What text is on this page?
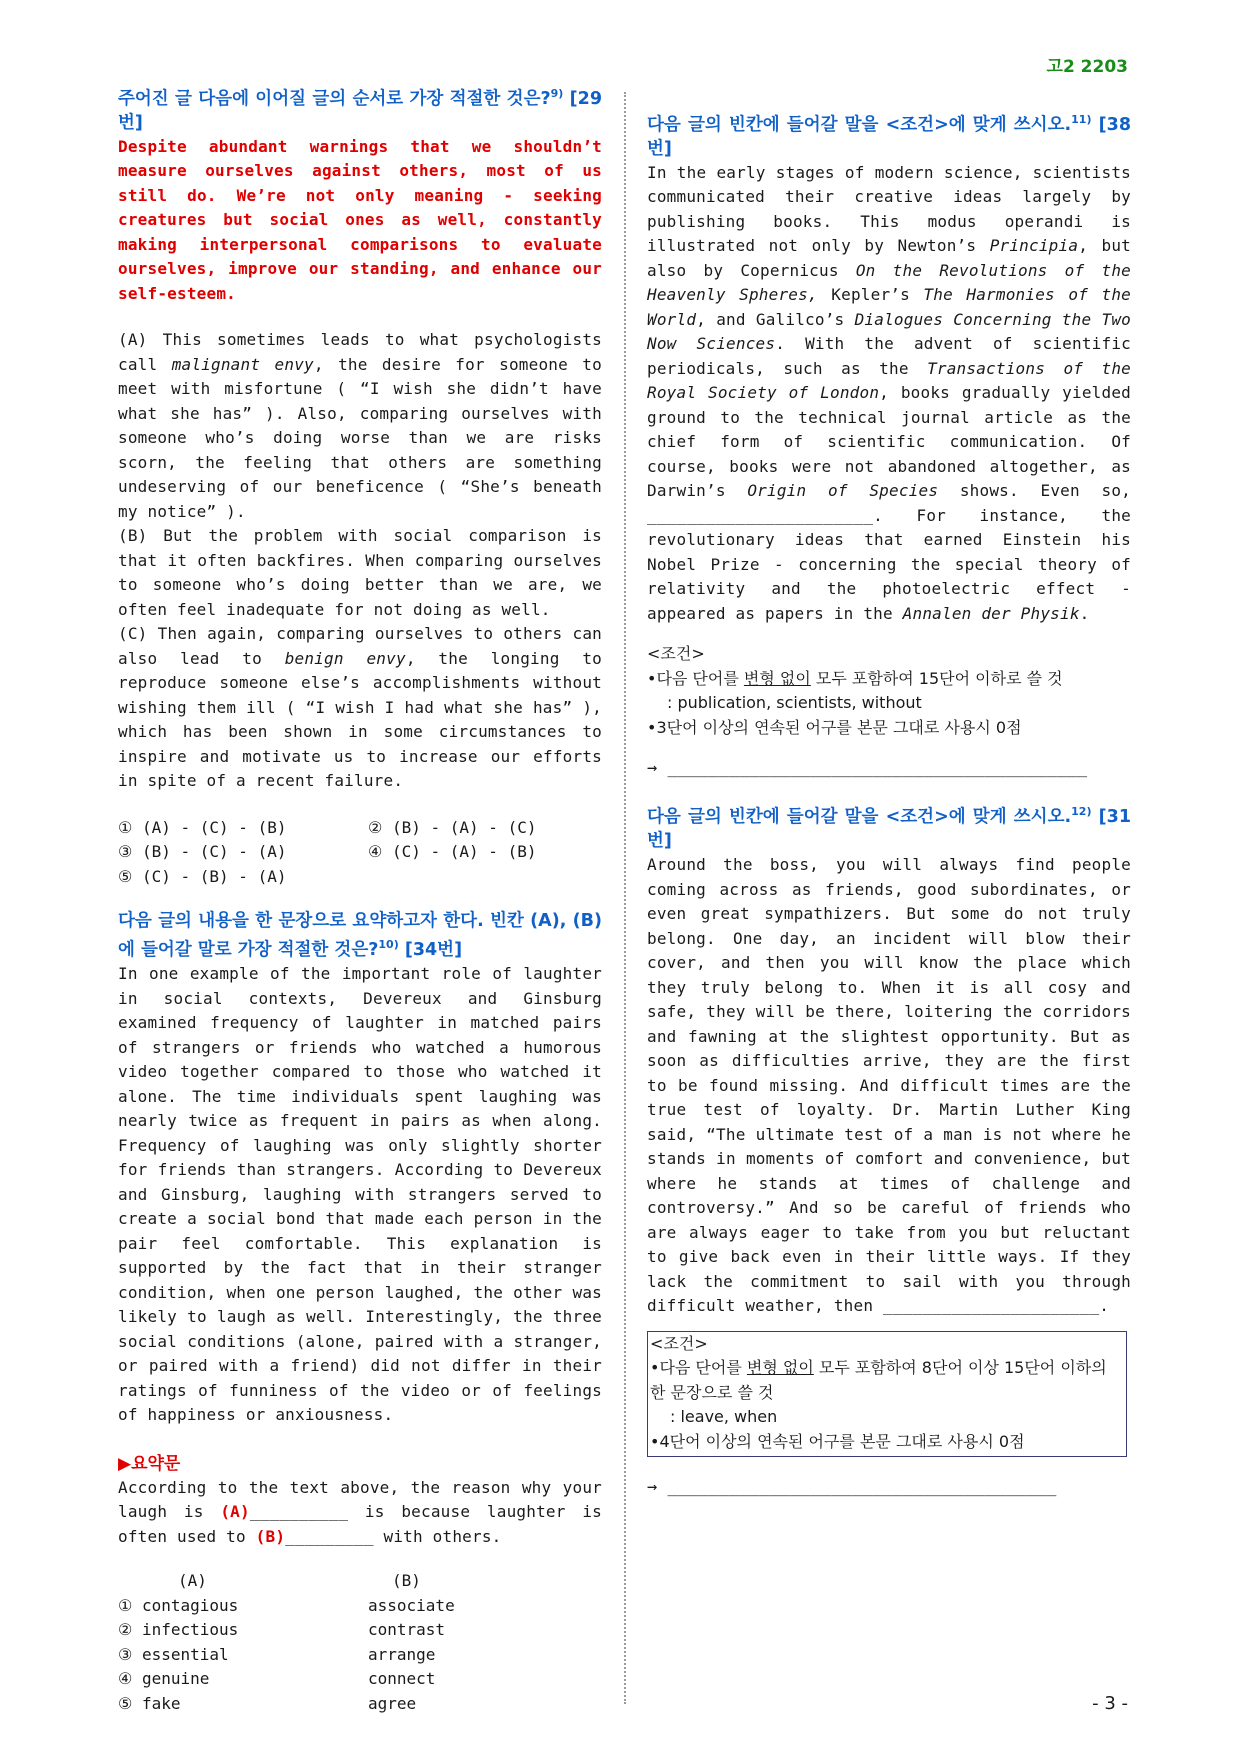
고2 2203

주어진 글 다음에 이어질 글의 순서로 가장 적절한 것은?$^{9)}$ [29번]

Despite abundant warnings that we shouldn’t measure ourselves against others, most of us still do. We’re not only meaning - seeking creatures but social ones as well, constantly making interpersonal comparisons to evaluate ourselves, improve our standing, and enhance our self-esteem.

(A) This sometimes leads to what psychologists call malignant envy, the desire for someone to meet with misfortune ( “I wish she didn’t have what she has” ). Also, comparing ourselves with someone who’s doing worse than we are risks scorn, the feeling that others are something undeserving of our beneficence ( “She’s beneath my notice” ).

(B) But the problem with social comparison is that it often backfires. When comparing ourselves to someone who’s doing better than we are, we often feel inadequate for not doing as well.

(C) Then again, comparing ourselves to others can also lead to benign envy, the longing to reproduce someone else’s accomplishments without wishing them ill ( “I wish I had what she has” ), which has been shown in some circumstances to inspire and motivate us to increase our efforts in spite of a recent failure.

① (A) - (C) - (B)	② (B) - (A) - (C)
③ (B) - (C) - (A)	④ (C) - (A) - (B)
⑤ (C) - (B) - (A)

다음 글의 내용을 한 문장으로 요약하고자 한다. 빈칸 (A), (B)에 들어갈 말로 가장 적절한 것은?$^{10)}$ [34번]

In one example of the important role of laughter in social contexts, Devereux and Ginsburg examined frequency of laughter in matched pairs of strangers or friends who watched a humorous video together compared to those who watched it alone. The time individuals spent laughing was nearly twice as frequent in pairs as when along. Frequency of laughing was only slightly shorter for friends than strangers. According to Devereux and Ginsburg, laughing with strangers served to create a social bond that made each person in the pair feel comfortable. This explanation is supported by the fact that in their stranger condition, when one person laughed, the other was likely to laugh as well. Interestingly, the three social conditions (alone, paired with a stranger, or paired with a friend) did not differ in their ratings of funniness of the video or of feelings of happiness or anxiousness.

▶요약문

According to the text above, the reason why your laugh is (A)__________ is because laughter is often used to (B)_________ with others.

(A)	(B)
① contagious	associate
② infectious	contrast
③ essential	arrange
④ genuine	connect
⑤ fake	agree

다음 글의 빈칸에 들어갈 말을 <조건>에 맞게 쓰시오.$^{11)}$ [38번]

In the early stages of modern science, scientists communicated their creative ideas largely by publishing books. This modus operandi is illustrated not only by Newton’s Principia, but also by Copernicus On the Revolutions of the Heavenly Spheres, Kepler’s The Harmonies of the World, and Galilco’s Dialogues Concerning the Two Now Sciences. With the advent of scientific periodicals, such as the Transactions of the Royal Society of London, books gradually yielded ground to the technical journal article as the chief form of scientific communication. Of course, books were not abandoned altogether, as Darwin’s Origin of Species shows. Even so, _______________________. For instance, the revolutionary ideas that earned Einstein his Nobel Prize - concerning the special theory of relativity and the photoelectric effect - appeared as papers in the Annalen der Physik.

<조건>
•다음 단어를 변형 없이 모두 포함하여 15단어 이하로 쓸 것
: publication, scientists, without
•3단어 이상의 연속된 어구를 본문 그대로 사용시 0점
→ _________________________________________

다음 글의 빈칸에 들어갈 말을 <조건>에 맞게 쓰시오.$^{12)}$ [31번]

Around the boss, you will always find people coming across as friends, good subordinates, or even great sympathizers. But some do not truly belong. One day, an incident will blow their cover, and then you will know the place which they truly belong to. When it is all cosy and safe, they will be there, loitering the corridors and fawning at the slightest opportunity. But as soon as difficulties arrive, they are the first to be found missing. And difficult times are the true test of loyalty. Dr. Martin Luther King said, “The ultimate test of a man is not where he stands in moments of comfort and convenience, but where he stands at times of challenge and controversy.” And so be careful of friends who are always eager to take from you but reluctant to give back even in their little ways. If they lack the commitment to sail with you through difficult weather, then ______________________.

<조건>
•다음 단어를 변형 없이 모두 포함하여 8단어 이상 15단어 이하의 한 문장으로 쓸 것
: leave, when
•4단어 이상의 연속된 어구를 본문 그대로 사용시 0점
→ ______________________________________
- 3 -
